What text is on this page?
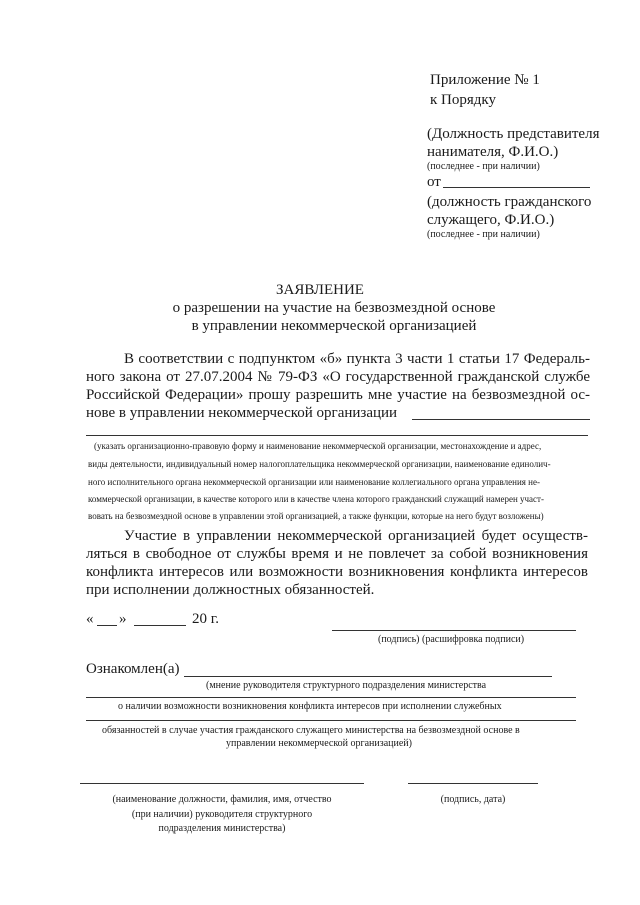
Приложение № 1
к Порядку
(Должность представителя
нанимателя, Ф.И.О.)
(последнее - при наличии)
от
(должность гражданского
служащего, Ф.И.О.)
(последнее - при наличии)
ЗАЯВЛЕНИЕ
о разрешении на участие на безвозмездной основе
в управлении некоммерческой организацией
В соответствии с подпунктом «б» пункта 3 части 1 статьи 17 Федераль-
ного закона от 27.07.2004 № 79-ФЗ «О государственной гражданской службе
Российской Федерации» прошу разрешить мне участие на безвозмездной ос-
нове в управлении некоммерческой организации
(указать организационно-правовую форму и наименование некоммерческой организации, местонахождение и адрес,
виды деятельности, индивидуальный номер налогоплательщика некоммерческой организации, наименование единолич-
ного исполнительного органа некоммерческой организации или наименование коллегиального органа управления не-
коммерческой организации, в качестве которого или в качестве члена которого гражданский служащий намерен участ-
вовать на безвозмездной основе в управлении этой организацией, а также функции, которые на него будут возложены)
Участие в управлении некоммерческой организацией будет осуществ-
ляться в свободное от службы время и не повлечет за собой возникновения
конфликта интересов или возможности возникновения конфликта интересов
при исполнении должностных обязанностей.
« »	20 г.
(подпись) (расшифровка подписи)
Ознакомлен(а)
(мнение руководителя структурного подразделения министерства
о наличии возможности возникновения конфликта интересов при исполнении служебных
обязанностей в случае участия гражданского служащего министерства на безвозмездной основе в
управлении некоммерческой организацией)
(наименование должности, фамилия, имя, отчество
(при наличии) руководителя структурного
подразделения министерства)
(подпись, дата)
